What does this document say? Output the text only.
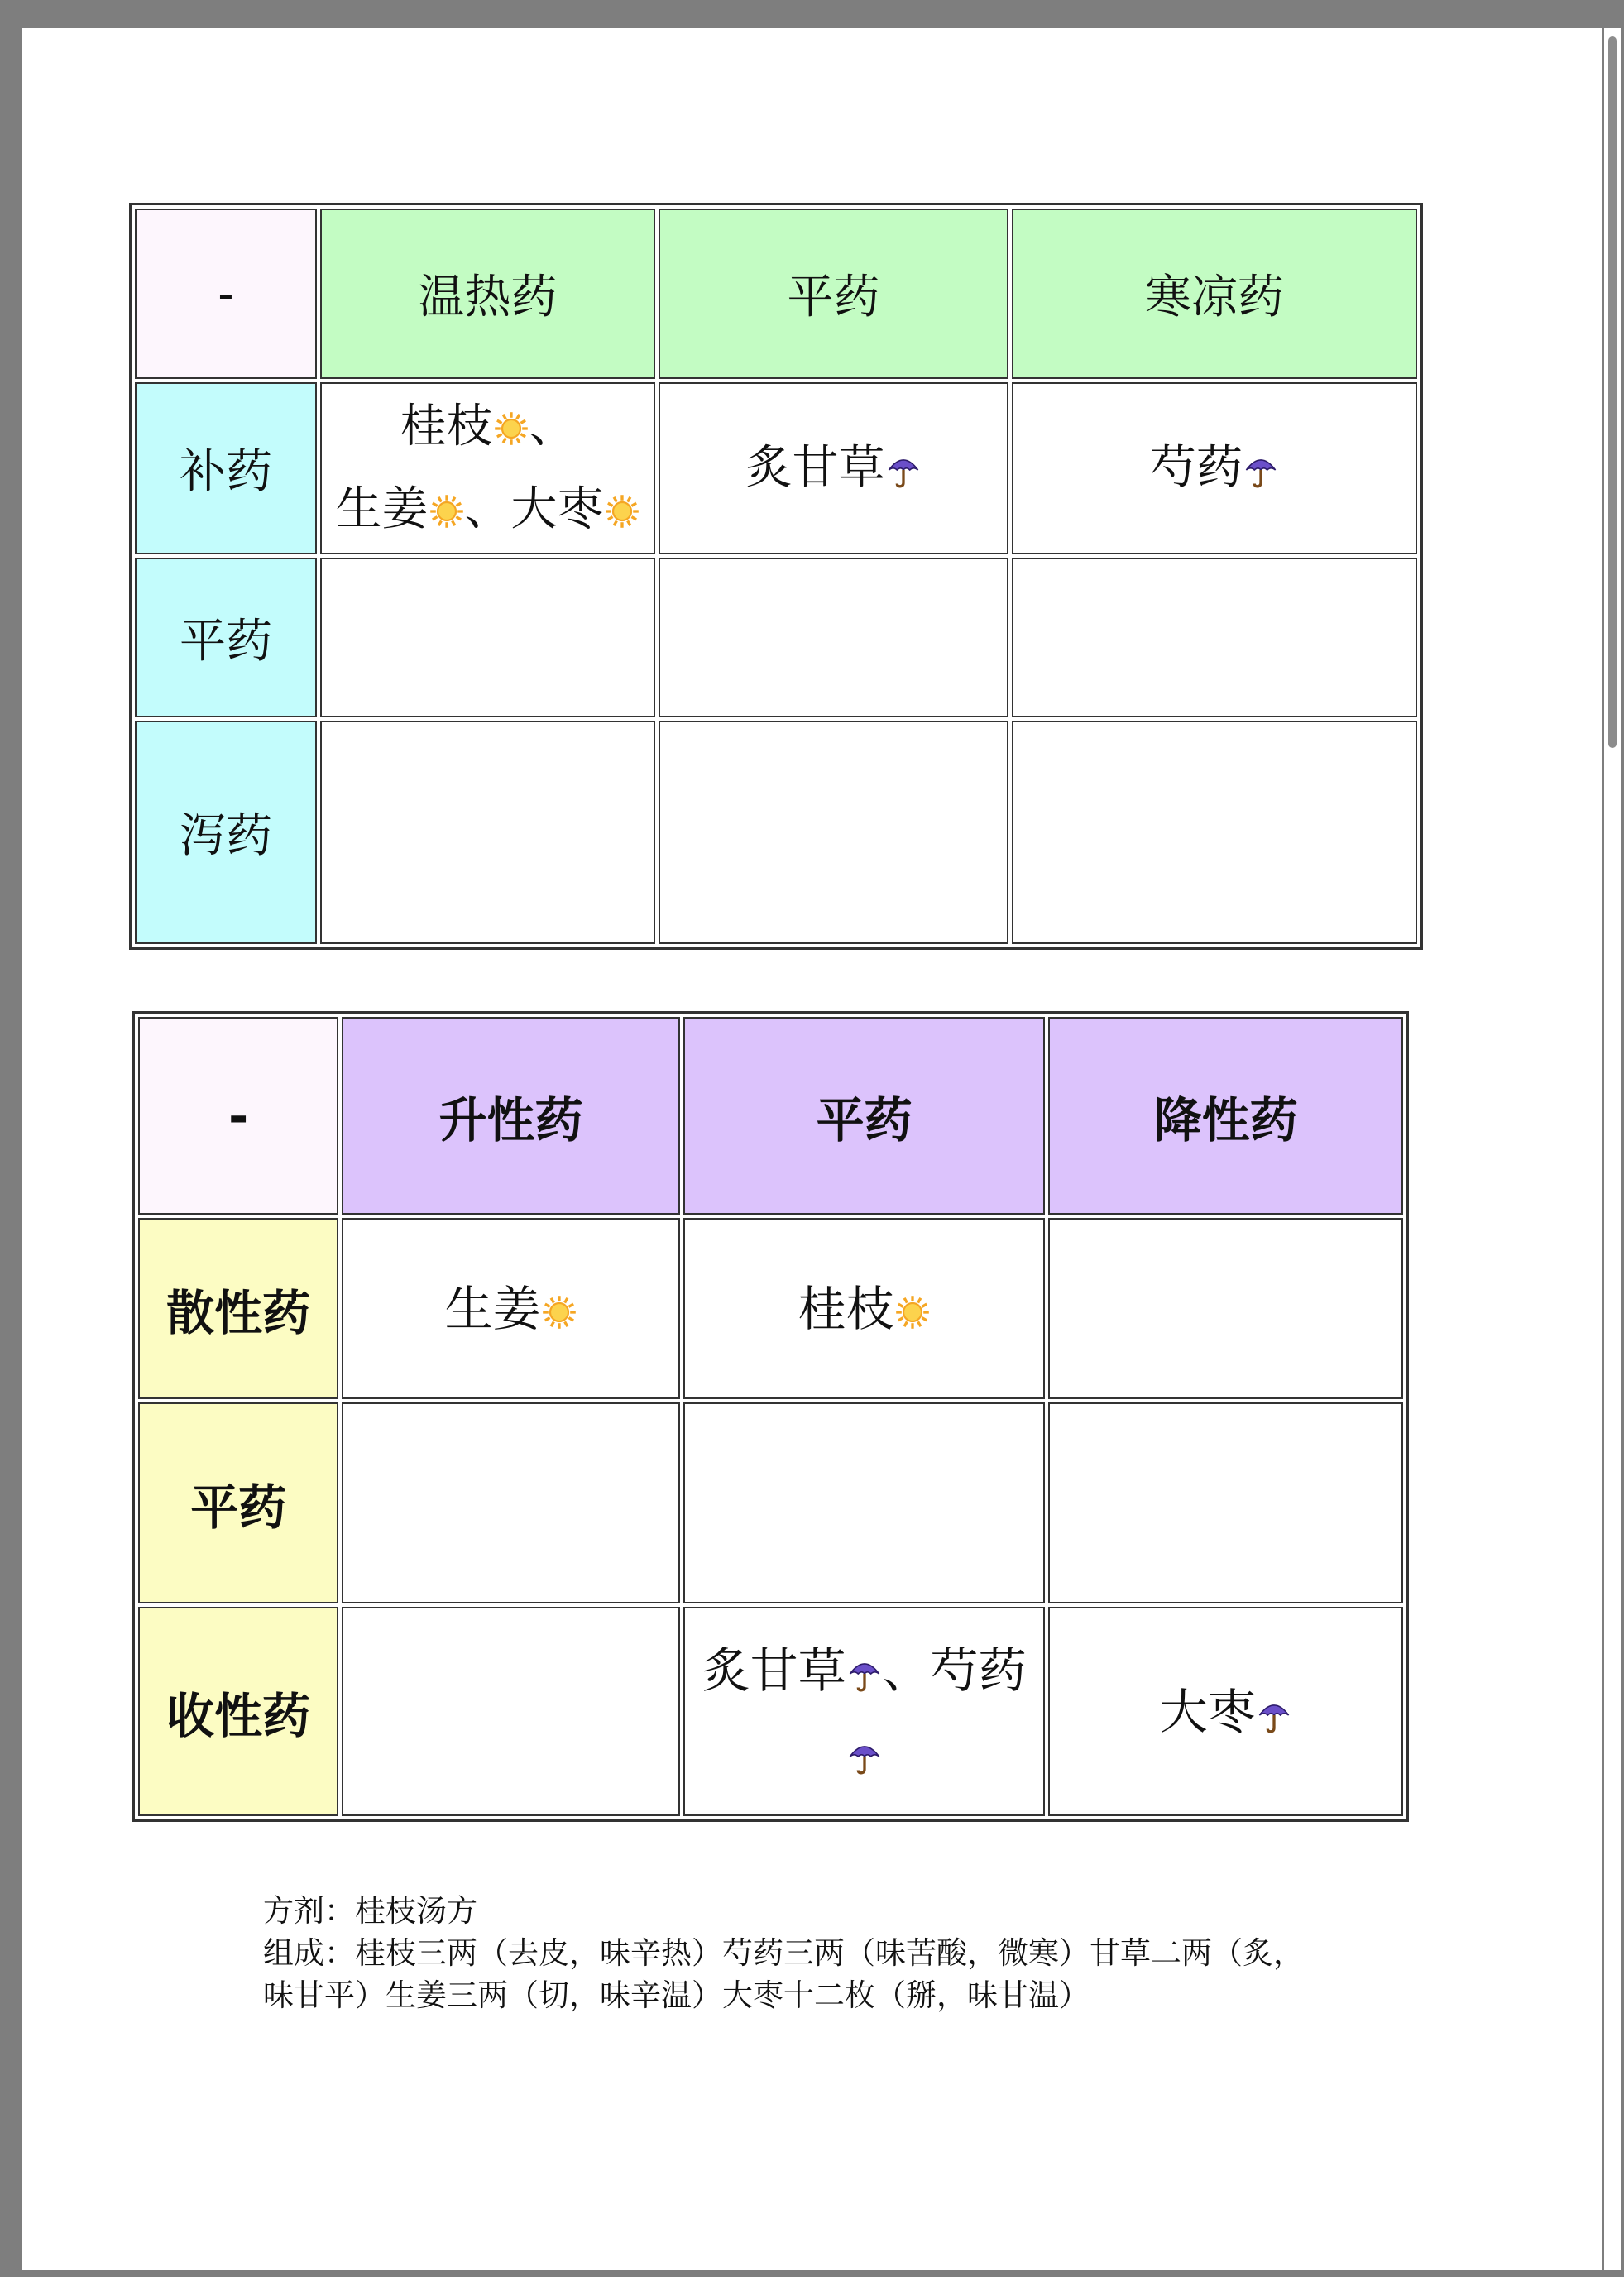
-	温热药	平药	寒凉药
补药	桂枝 、
生姜 、大枣	炙甘草	芍药

平药			
泻药			
-	升性药	平药	降性药
散性药	生姜	桂枝	

平药			
收性药		炙甘草 、芍药	大枣
方剂：桂枝汤方
组成：桂枝三两（去皮，味辛热）芍药三两（味苦酸，微寒）甘草二两（炙，
味甘平）生姜三两（切，味辛温）大枣十二枚（掰，味甘温）
